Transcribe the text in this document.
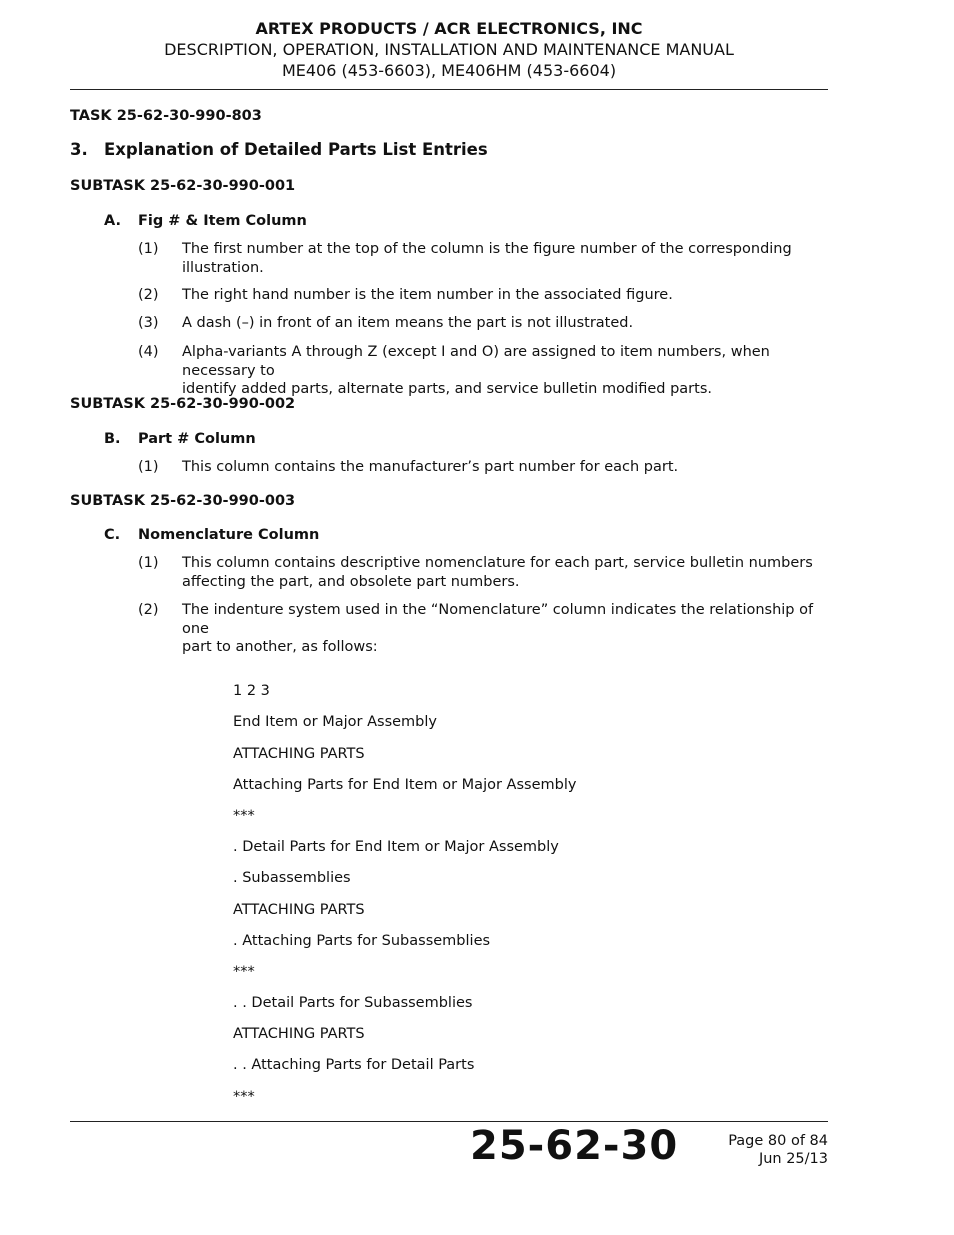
ARTEX PRODUCTS / ACR ELECTRONICS, INC
DESCRIPTION, OPERATION, INSTALLATION AND MAINTENANCE MANUAL
ME406 (453-6603), ME406HM (453-6604)
TASK 25-62-30-990-803
3. Explanation of Detailed Parts List Entries
SUBTASK 25-62-30-990-001
A. Fig # & Item Column
(1)	The first number at the top of the column is the figure number of the corresponding
illustration.
(2)	The right hand number is the item number in the associated figure.
(3)	A dash (–) in front of an item means the part is not illustrated.
(4)	Alpha-variants A through Z (except I and O) are assigned to item numbers, when necessary to
identify added parts, alternate parts, and service bulletin modified parts.
SUBTASK 25-62-30-990-002
B. Part # Column
(1)	This column contains the manufacturer’s part number for each part.
SUBTASK 25-62-30-990-003
C. Nomenclature Column
(1)	This column contains descriptive nomenclature for each part, service bulletin numbers
affecting the part, and obsolete part numbers.
(2)	The indenture system used in the “Nomenclature” column indicates the relationship of one
part to another, as follows:
1 2 3
End Item or Major Assembly
ATTACHING PARTS
Attaching Parts for End Item or Major Assembly
***
. Detail Parts for End Item or Major Assembly
. Subassemblies
ATTACHING PARTS
. Attaching Parts for Subassemblies
***
. . Detail Parts for Subassemblies
ATTACHING PARTS
. . Attaching Parts for Detail Parts
***
25-62-30	Page 80 of 84
Jun 25/13
